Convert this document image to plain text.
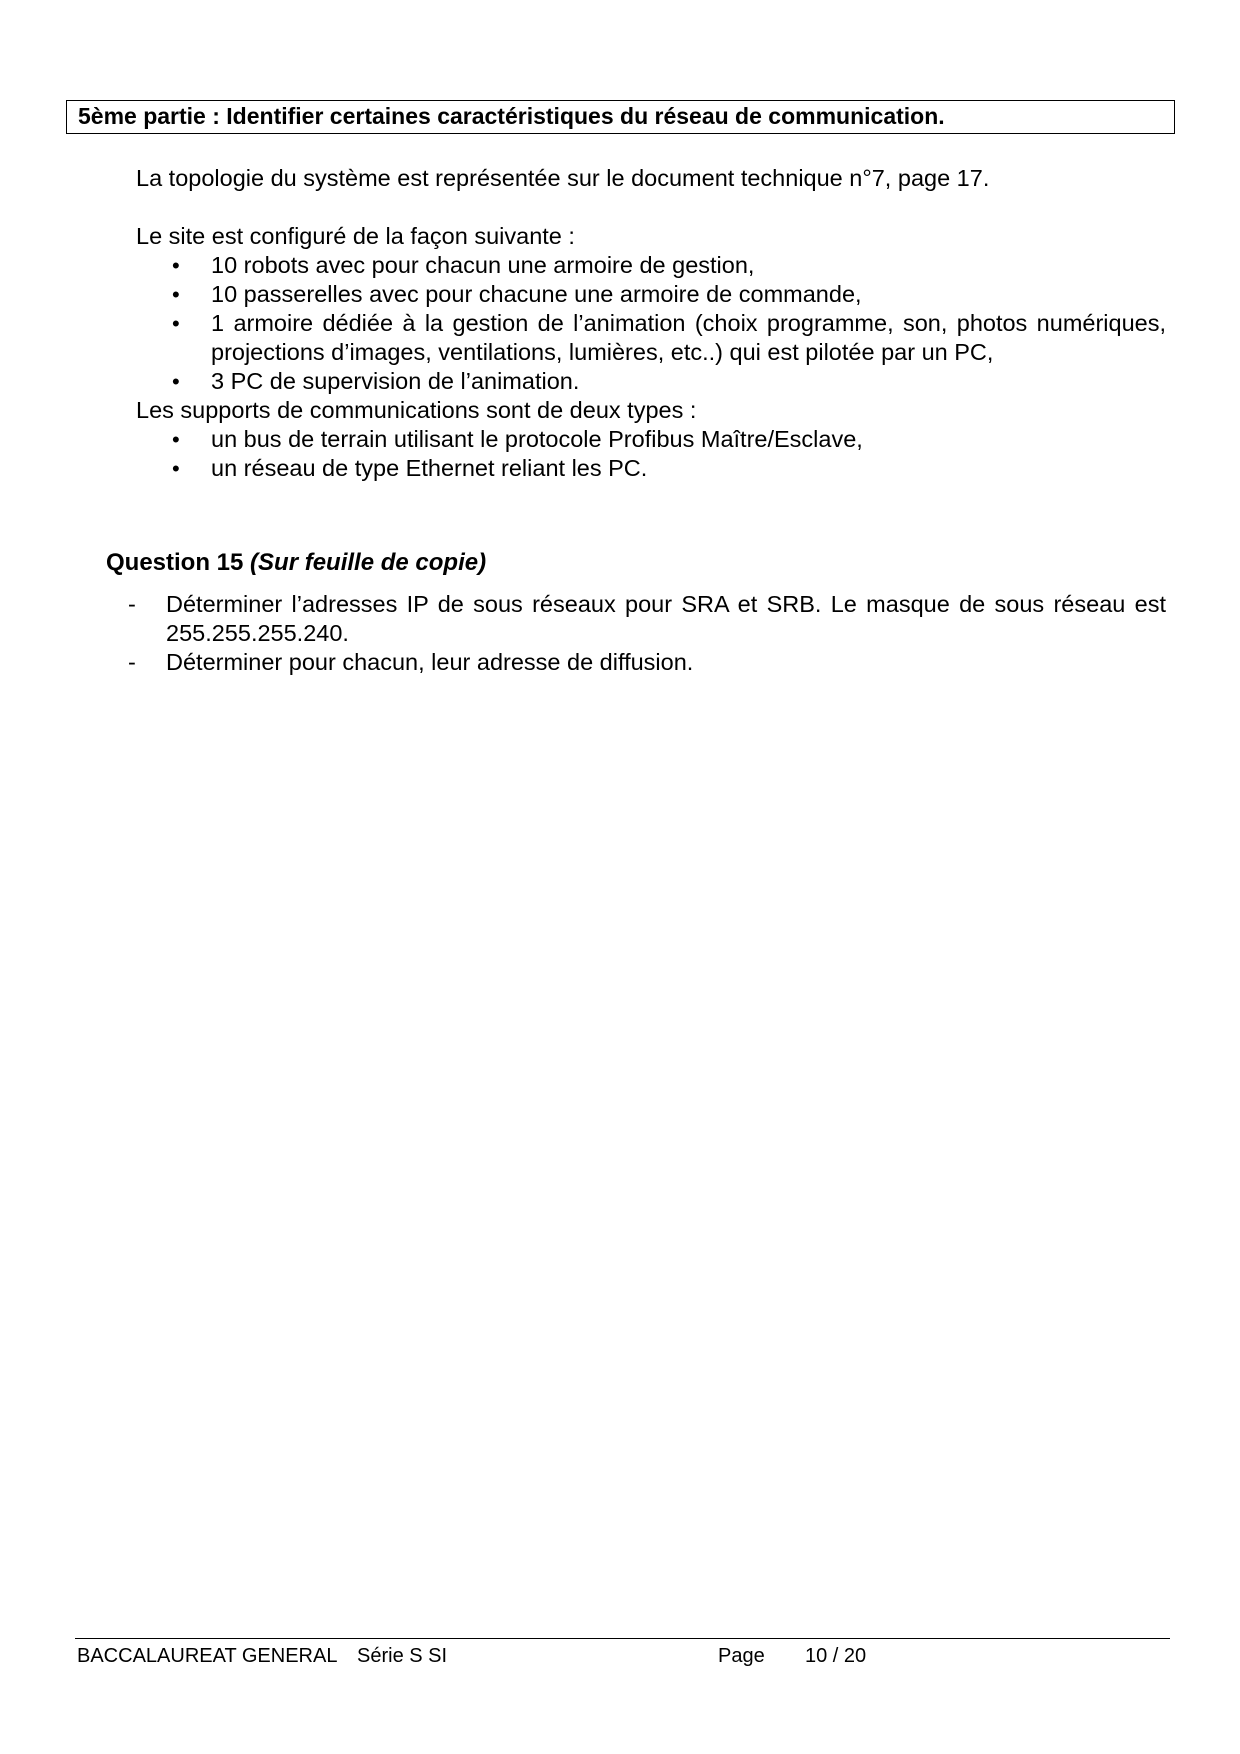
5ème partie : Identifier certaines caractéristiques du réseau de communication.

La topologie du système est représentée sur le document technique n°7, page 17.

Le site est configuré de la façon suivante :

• 10 robots avec pour chacun une armoire de gestion,
• 10 passerelles avec pour chacune une armoire de commande,
• 1 armoire dédiée à la gestion de l’animation (choix programme, son, photos numériques, projections d’images, ventilations, lumières, etc..) qui est pilotée par un PC,
• 3 PC de supervision de l’animation.

Les supports de communications sont de deux types :

• un bus de terrain utilisant le protocole Profibus Maître/Esclave,
• un réseau de type Ethernet reliant les PC.
Question 15 (Sur feuille de copie)
- Déterminer l’adresses IP de sous réseaux pour SRA et SRB. Le masque de sous réseau est 255.255.255.240.
- Déterminer pour chacun, leur adresse de diffusion.
BACCALAUREAT GENERAL Série S SI	Page 10 / 20
